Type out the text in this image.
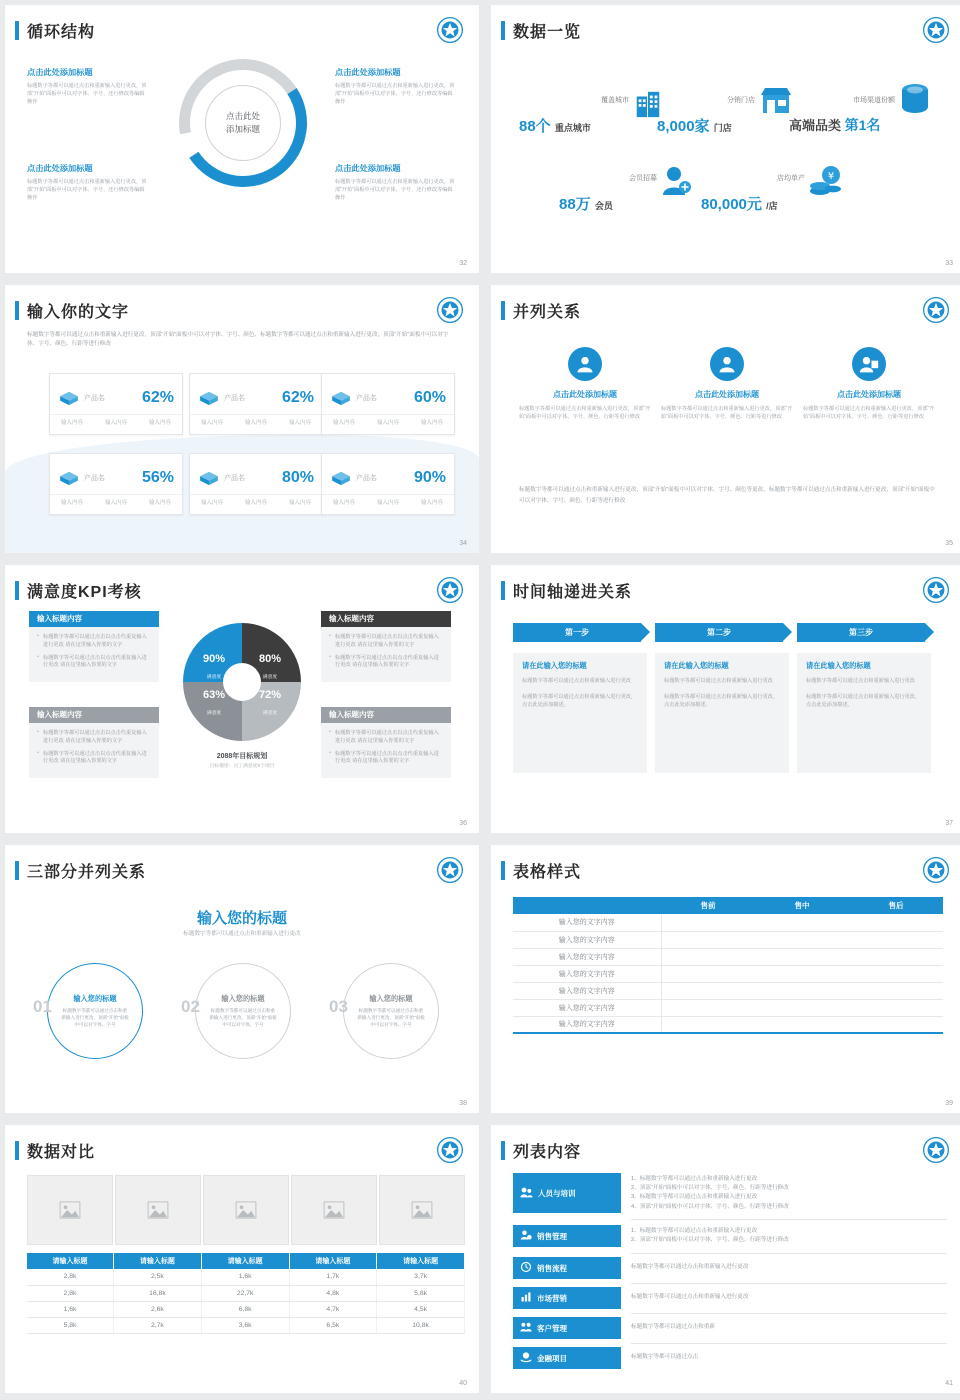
循环结构
点击此处添加标题
标题数字等都可以通过点击和重新输入进行更改，顶部“开始”面板中可以对字体、字号、还行修改等编辑操作
点击此处添加标题
标题数字等都可以通过点击和重新输入进行更改，顶部“开始”面板中可以对字体、字号、还行修改等编辑操作
点击此处添加标题
标题数字等都可以通过点击和重新输入进行更改，顶部“开始”面板中可以对字体、字号、还行修改等编辑操作
点击此处添加标题
标题数字等都可以通过点击和重新输入进行更改，顶部“开始”面板中可以对字体、字号、还行修改等编辑操作
点击此处
添加标题
32
数据一览
覆盖城市
88个 重点城市
分销门店
8,000家 门店
市场渠道份额
高端品类 第1名
会员招募
88万 会员
店均单产 ¥
80,000元 /店
33
输入你的文字
标题数字等都可以通过点击和重新输入进行更改，顶部“开始”面板中可以对字体、字号、颜色、标题数字等都可以通过点击和重新输入进行更改，顶部“开始”面板中可以对字体、字号、颜色、行距等进行修改
产品名 62%
输入内容	输入内容	输入内容
产品名 62%
输入内容	输入内容	输入内容
产品名 60%
输入内容	输入内容	输入内容
产品名 56%
输入内容	输入内容	输入内容
产品名 80%
输入内容	输入内容	输入内容
产品名 90%
输入内容	输入内容	输入内容
34
并列关系
点击此处添加标题
标题数字等都可以通过点击和重新输入进行更改，顶部“开始”面板中可以对字体、字号、颜色、行距等进行修改
点击此处添加标题
标题数字等都可以通过点击和重新输入进行更改，顶部“开始”面板中可以对字体、字号、颜色、行距等进行修改
点击此处添加标题
标题数字等都可以通过点击和重新输入进行更改，顶部“开始”面板中可以对字体、字号、颜色、行距等进行修改
标题数字等都可以通过点击和重新输入进行更改，顶部“开始”面板中可以对字体、字号、颜色等更改，标题数字等都可以通过点击和重新输入进行更改，顶部“开始”面板中可以对字体、字号、颜色、行距等进行修改
35
满意度KPI考核
输入标题内容
• 标题数字等都可以通过点击以点击代重复输入进行更改 请在这里输入你要的文字
• 标题数字等可以通过点击以点击代重复输入进行更改 请在这里输入你要的文字
输入标题内容
• 标题数字等都可以通过点击以点击代重复输入进行更改 请在这里输入你要的文字
• 标题数字等可以通过点击以点击代重复输入进行更改 请在这里输入你要的文字
输入标题内容
• 标题数字等都可以通过点击以点击代重复输入进行更改 请在这里输入你要的文字
• 标题数字等可以通过点击以点击代重复输入进行更改 请在这里输入你要的文字
输入标题内容
• 标题数字等都可以通过点击以点击代重复输入进行更改 请在这里输入你要的文字
• 标题数字等可以通过点击以点击代重复输入进行更改 请在这里输入你要的文字
90%
满意度
80%
满意度
63%
满意度
72%
满意度
2088年目标规划
目标描述：员工满意度5个项目
36
时间轴递进关系
第一步	第二步	第三步
请在此输入您的标题
标题数字等都可以通过点击和重新输入进行更改
标题数字等都可以通过点击和重新输入进行更改，点击此处添加描述。
请在此输入您的标题
标题数字等都可以通过点击和重新输入进行更改
标题数字等都可以通过点击和重新输入进行更改，点击此处添加描述。
请在此输入您的标题
标题数字等都可以通过点击和重新输入进行更改
标题数字等都可以通过点击和重新输入进行更改，点击此处添加描述。
37
三部分并列关系
输入您的标题
标题数字等都可以通过点击和重新输入进行更改
输入您的标题
标题数字等都可以通过点击和重新输入进行更改，顶部“开始”面板中可以对字体、字号
01	输入您的标题
标题数字等都可以通过点击和重新输入进行更改，顶部“开始”面板中可以对字体、字号
02	输入您的标题
标题数字等都可以通过点击和重新输入进行更改，顶部“开始”面板中可以对字体、字号
03
38
表格样式
	售前	售中	售后
输入您的文字内容			
输入您的文字内容			
输入您的文字内容			
输入您的文字内容			
输入您的文字内容			
输入您的文字内容			
输入您的文字内容			
39
数据对比
请输入标题	请输入标题	请输入标题	请输入标题	请输入标题
2,8k	2,5k	1,6k	1,7k	3,7k
2,8k	16,8k	22,7k	4,8k	5,8k
1,6k	2,6k	6,8k	4,7k	4,5k
5,8k	2,7k	3,6k	6,5k	10,8k
40
列表内容
人员与培训
1、标题数字等都可以通过点击和重新输入进行更改
2、顶部“开始”面板中可以对字体、字号、颜色、行距等进行修改
3、标题数字等都可以通过点击和重新输入进行更改
4、顶部“开始”面板中可以对字体、字号、颜色、行距等进行修改
销售管理
1、标题数字等都可以通过点击和重新输入进行更改
2、顶部“开始”面板中可以对字体、字号、颜色、行距等进行修改
销售流程	标题数字等都可以通过点击和重新输入进行更改
市场营销	标题数字等都可以通过点击和重新输入进行更改
客户管理	标题数字等都可以通过点击和重新
金融项目	标题数字等都可以通过点击
41
